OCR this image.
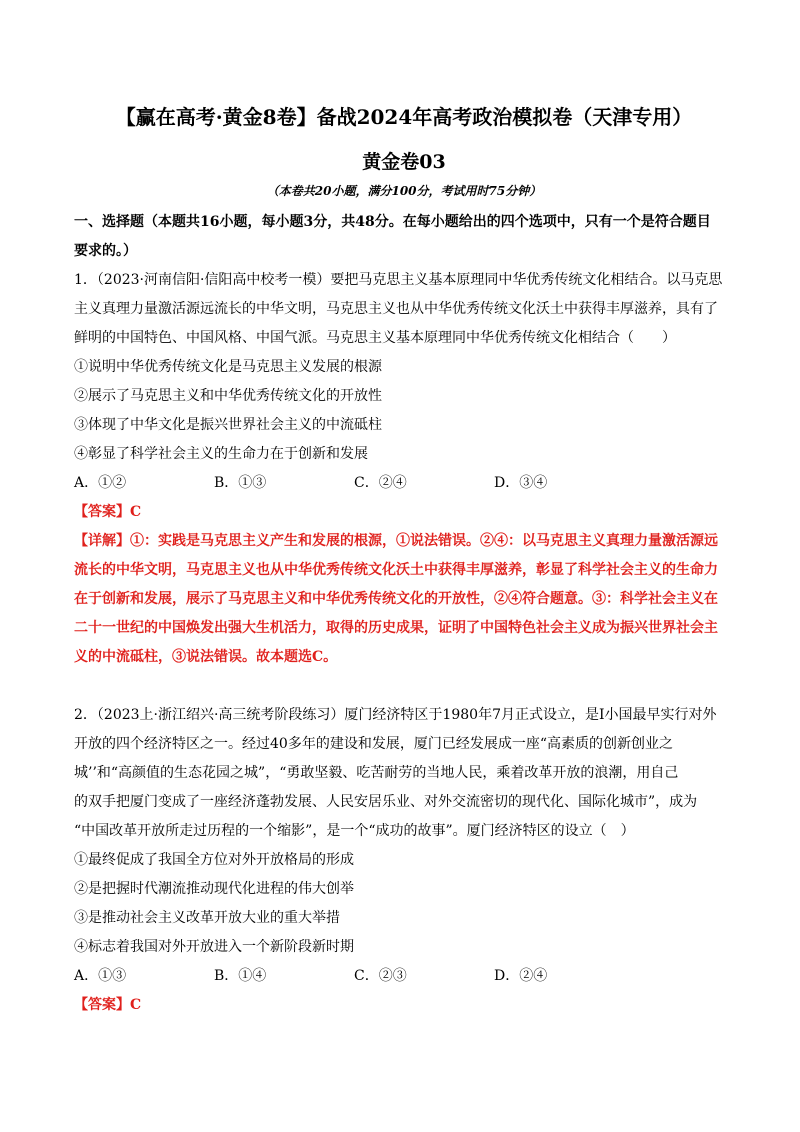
【赢在高考·黄金8卷】备战2024年高考政治模拟卷（天津专用）
黄金卷03
（本卷共20小题，满分100分，考试用时75分钟）
一、选择题（本题共16小题，每小题3分，共48分。在每小题给出的四个选项中，只有一个是符合题目
要求的。）
1．（2023·河南信阳·信阳高中校考一模）要把马克思主义基本原理同中华优秀传统文化相结合。以马克思
主义真理力量激活源远流长的中华文明，马克思主义也从中华优秀传统文化沃土中获得丰厚滋养，具有了
鲜明的中国特色、中国风格、中国气派。马克思主义基本原理同中华优秀传统文化相结合（　　）
①说明中华优秀传统文化是马克思主义发展的根源
②展示了马克思主义和中华优秀传统文化的开放性
③体现了中华文化是振兴世界社会主义的中流砥柱
④彰显了科学社会主义的生命力在于创新和发展
A．①②	B．①③	C．②④	D．③④
【答案】C
【详解】①：实践是马克思主义产生和发展的根源，①说法错误。②④：以马克思主义真理力量激活源远
流长的中华文明，马克思主义也从中华优秀传统文化沃土中获得丰厚滋养，彰显了科学社会主义的生命力
在于创新和发展，展示了马克思主义和中华优秀传统文化的开放性，②④符合题意。③：科学社会主义在
二十一世纪的中国焕发出强大生机活力，取得的历史成果，证明了中国特色社会主义成为振兴世界社会主
义的中流砥柱，③说法错误。故本题选C。
2．（2023上·浙江绍兴·高三统考阶段练习）厦门经济特区于1980年7月正式设立，是I小国最早实行对外
开放的四个经济特区之一。经过40多年的建设和发展，厦门已经发展成一座“高素质的创新创业之
城’’和“高颜值的生态花园之城”，“勇敢坚毅、吃苦耐劳的当地人民，乘着改革开放的浪潮，用自己
的双手把厦门变成了一座经济蓬勃发展、人民安居乐业、对外交流密切的现代化、国际化城市”，成为
“中国改革开放所走过历程的一个缩影”，是一个“成功的故事”。厦门经济特区的设立（　）
①最终促成了我国全方位对外开放格局的形成
②是把握时代潮流推动现代化进程的伟大创举
③是推动社会主义改革开放大业的重大举措
④标志着我国对外开放进入一个新阶段新时期
A．①③	B．①④	C．②③	D．②④
【答案】C
